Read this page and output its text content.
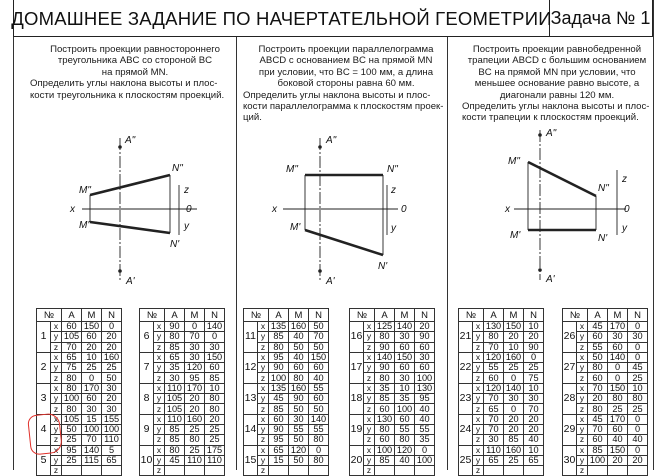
ДОМАШНЕЕ ЗАДАНИЕ ПО НАЧЕРТАТЕЛЬНОЙ ГЕОМЕТРИИ
Задача № 1
Построить проекции равностороннего
треугольника ABC со стороной BC
на прямой MN.
Определить углы наклона высоты и плос-
кости треугольника к плоскостям проекций.
Построить проекции параллелограмма
ABCD с основанием BC на прямой MN
при условии, что BC = 100 мм, а длина
боковой стороны равна 60 мм.
Определить углы наклона высоты и плос-
кости параллелограмма к плоскостям проек-
ций.
Построить проекции равнобедренной
трапеции ABCD с большим основанием
BC на прямой MN при условии, что
меньшее основание равно высоте, а
диагонали равны 120 мм.
Определить углы наклона высоты и плос-
кости трапеции к плоскостям проекций.
A"
A'
M"
N"
M'
N'
x
z
0
y
A"
A'
M"	N"
M'
N'
x
z
0
y
A"
A'
M"
N"
M'	N'
x
z
0
y
№		A	M	N
1	x	60	150	0
	y	105	60	20
	z	70	20	20
2	x	65	10	160
	y	75	25	25
	z	80	0	50
3	x	80	170	30
	y	100	60	20
	z	80	30	30
4	x	105	15	155
	y	50	100	100
	z	25	70	110
5	x	95	140	5
	y	25	115	65
	z			
№		A	M	N
6	x	90	0	140
	y	80	70	0
	z	85	30	30
7	x	65	30	150
	y	35	120	60
	z	30	95	85
8	x	110	170	10
	y	105	20	80
	z	105	20	80
9	x	110	160	20
	y	85	25	25
	z	85	80	25
10	x	80	25	175
	y	45	110	110
	z			
№		A	M	N
11	x	135	160	50
	y	85	40	70
	z	80	50	50
12	x	95	40	150
	y	90	60	60
	z	100	80	40
13	x	135	160	55
	y	45	90	60
	z	85	50	50
14	x	60	30	140
	y	90	55	55
	z	95	50	80
15	x	65	120	0
	y	15	50	80
	z			
№		A	M	N
16	x	125	140	20
	y	80	30	90
	z	90	60	60
17	x	140	150	30
	y	90	60	60
	z	80	30	100
18	x	35	10	130
	y	85	35	95
	z	60	100	40
19	x	130	60	40
	y	80	55	55
	z	60	80	35
20	x	100	120	0
	y	85	40	100
	z			
№		A	M	N
21	x	130	150	10
	y	80	20	20
	z	70	10	90
22	x	120	160	0
	y	55	25	25
	z	60	0	75
23	x	120	140	10
	y	70	30	30
	z	65	0	70
24	x	70	20	20
	y	70	20	20
	z	30	85	40
25	x	110	160	10
	y	65	25	65
	z			
№		A	M	N
26	x	45	170	0
	y	60	30	30
	z	55	60	0
27	x	50	140	0
	y	80	0	45
	z	60	0	25
28	x	70	150	10
	y	20	80	80
	z	80	25	25
29	x	45	170	0
	y	70	60	0
	z	60	40	40
30	x	85	150	0
	y	100	20	20
	z			
